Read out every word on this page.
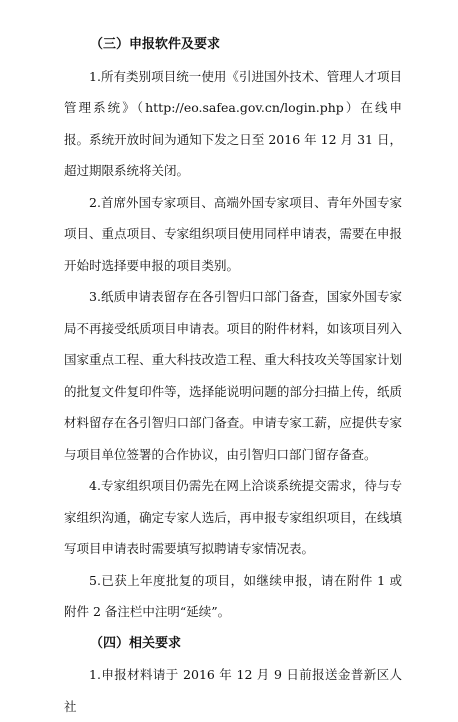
（三）申报软件及要求

1.所有类别项目统一使用《引进国外技术、管理人才项目管理系统》（http://eo.safea.gov.cn/login.php）在线申报。系统开放时间为通知下发之日至 2016 年 12 月 31 日，超过期限系统将关闭。

2.首席外国专家项目、高端外国专家项目、青年外国专家项目、重点项目、专家组织项目使用同样申请表，需要在申报开始时选择要申报的项目类别。

3.纸质申请表留存在各引智归口部门备查，国家外国专家局不再接受纸质项目申请表。项目的附件材料，如该项目列入国家重点工程、重大科技改造工程、重大科技攻关等国家计划的批复文件复印件等，选择能说明问题的部分扫描上传，纸质材料留存在各引智归口部门备查。申请专家工薪，应提供专家与项目单位签署的合作协议，由引智归口部门留存备查。

4.专家组织项目仍需先在网上洽谈系统提交需求，待与专家组织沟通，确定专家人选后，再申报专家组织项目，在线填写项目申请表时需要填写拟聘请专家情况表。

5.已获上年度批复的项目，如继续申报，请在附件 1 或附件 2 备注栏中注明“延续”。

（四）相关要求

1.申报材料请于 2016 年 12 月 9 日前报送金普新区人社
